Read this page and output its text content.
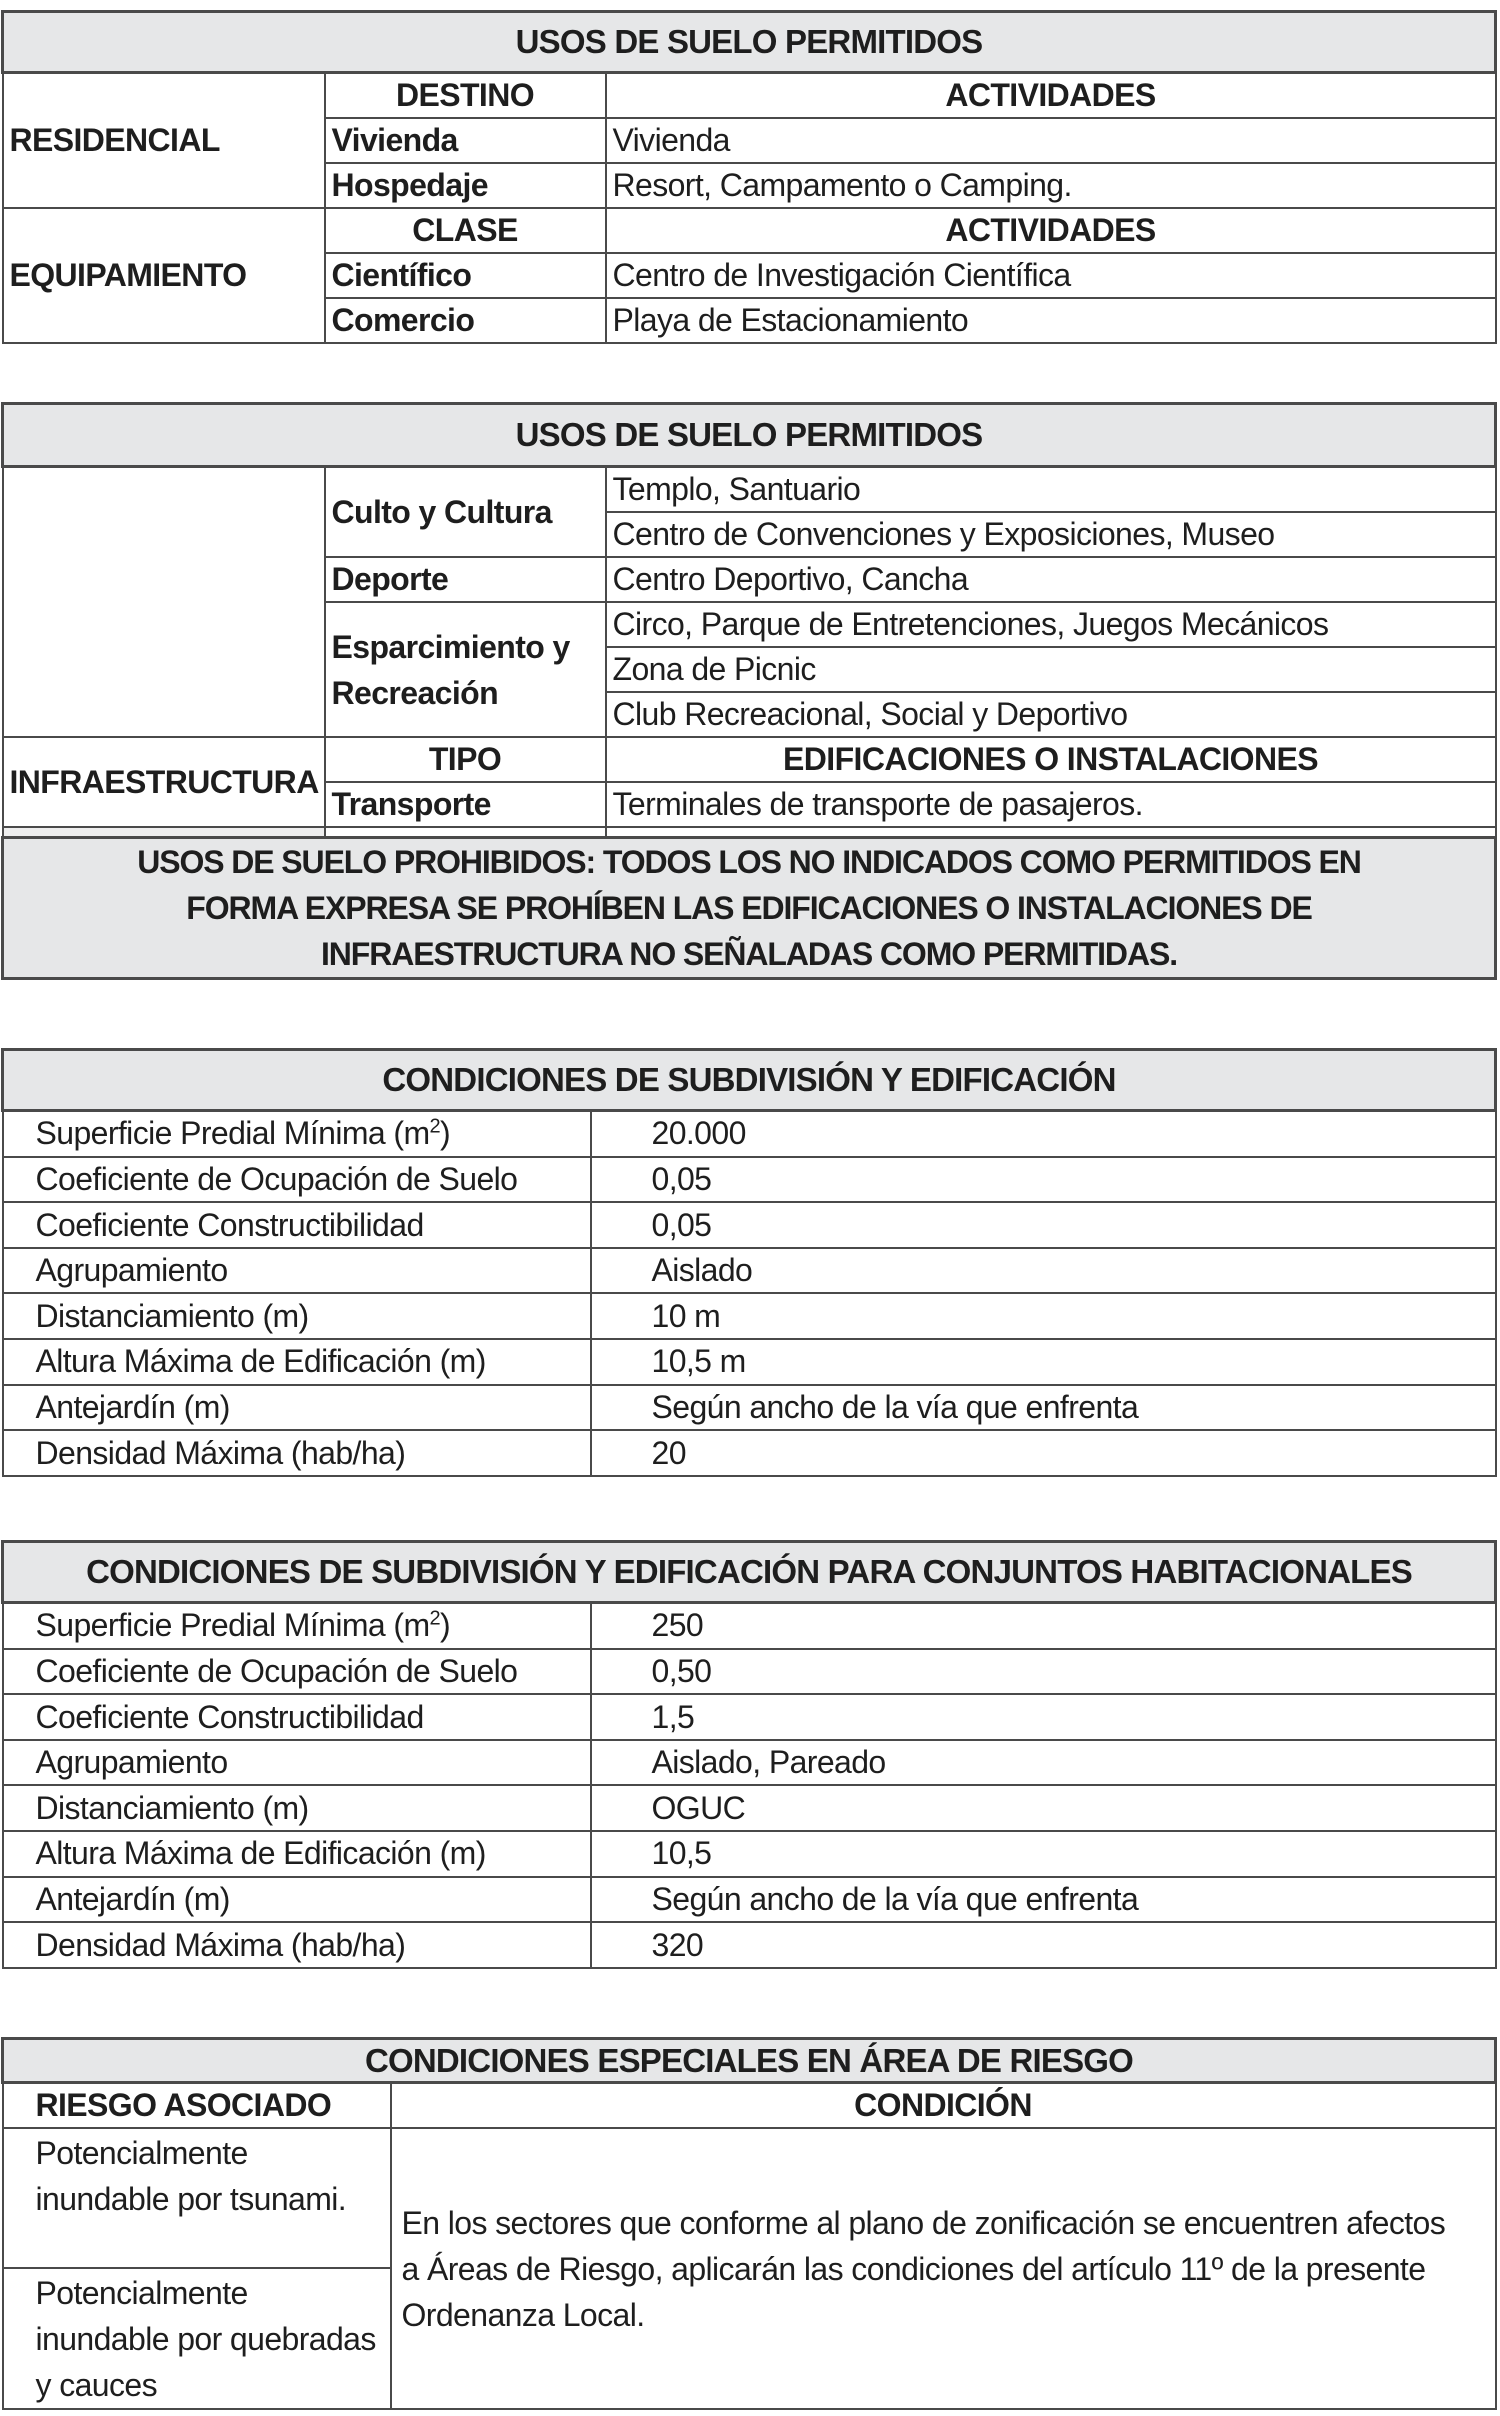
USOS DE SUELO PERMITIDOS		
RESIDENCIAL	DESTINO	ACTIVIDADES
	Vivienda	Vivienda
	Hospedaje	Resort, Campamento o Camping.
EQUIPAMIENTO	CLASE	ACTIVIDADES
	Científico	Centro de Investigación Científica
	Comercio	Playa de Estacionamiento
USOS DE SUELO PERMITIDOS		
	Culto y Cultura	Templo, Santuario
		Centro de Convenciones y Exposiciones, Museo
	Deporte	Centro Deportivo, Cancha
	Esparcimiento y Recreación	Circo, Parque de Entretenciones, Juegos Mecánicos
		Zona de Picnic
		Club Recreacional, Social y Deportivo
INFRAESTRUCTURA	TIPO	EDIFICACIONES O INSTALACIONES
	Transporte	Terminales de transporte de pasajeros.

USOS DE SUELO PROHIBIDOS: TODOS LOS NO INDICADOS COMO PERMITIDOS EN FORMA EXPRESA SE PROHÍBEN LAS EDIFICACIONES O INSTALACIONES DE INFRAESTRUCTURA NO SEÑALADAS COMO PERMITIDAS.		
CONDICIONES DE SUBDIVISIÓN Y EDIFICACIÓN	
Superficie Predial Mínima $(m^2)$	20.000
Coeficiente de Ocupación de Suelo	0,05
Coeficiente Constructibilidad	0,05
Agrupamiento	Aislado
Distanciamiento (m)	10 m
Altura Máxima de Edificación (m)	10,5 m
Antejardín (m)	Según ancho de la vía que enfrenta
Densidad Máxima (hab/ha)	20
CONDICIONES DE SUBDIVISIÓN Y EDIFICACIÓN PARA CONJUNTOS HABITACIONALES	
Superficie Predial Mínima $(m^2)$	250
Coeficiente de Ocupación de Suelo	0,50
Coeficiente Constructibilidad	1,5
Agrupamiento	Aislado, Pareado
Distanciamiento (m)	OGUC
Altura Máxima de Edificación (m)	10,5
Antejardín (m)	Según ancho de la vía que enfrenta
Densidad Máxima (hab/ha)	320
CONDICIONES ESPECIALES EN ÁREA DE RIESGO	
RIESGO ASOCIADO	CONDICIÓN
Potencialmente inundable por tsunami.	En los sectores que conforme al plano de zonificación se encuentren afectos a Áreas de Riesgo, aplicarán las condiciones del artículo 11º de la presente Ordenanza Local.
Potencialmente inundable por quebradas y cauces	
